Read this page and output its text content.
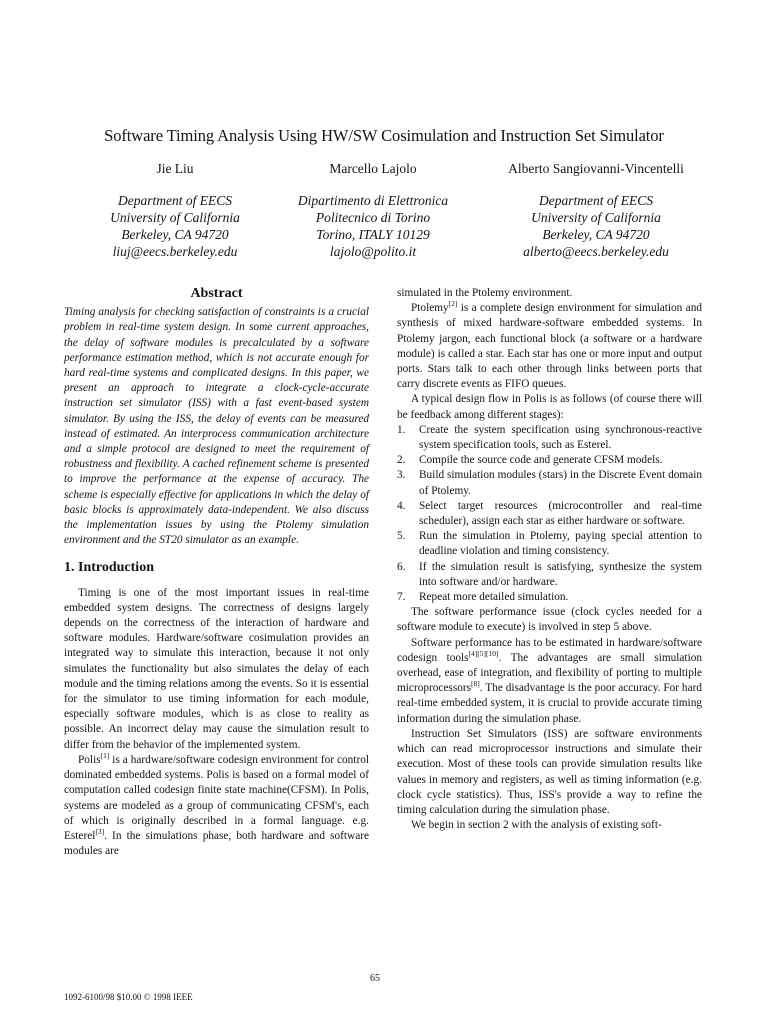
Software Timing Analysis Using HW/SW Cosimulation and Instruction Set Simulator
Jie Liu
Department of EECS
University of California
Berkeley, CA 94720
liuj@eecs.berkeley.edu
Marcello Lajolo
Dipartimento di Elettronica
Politecnico di Torino
Torino, ITALY 10129
lajolo@polito.it
Alberto Sangiovanni-Vincentelli
Department of EECS
University of California
Berkeley, CA 94720
alberto@eecs.berkeley.edu
Abstract

Timing analysis for checking satisfaction of constraints is a crucial problem in real-time system design. In some current approaches, the delay of software modules is precalculated by a software performance estimation method, which is not accurate enough for hard real-time systems and complicated designs. In this paper, we present an approach to integrate a clock-cycle-accurate instruction set simulator (ISS) with a fast event-based system simulator. By using the ISS, the delay of events can be measured instead of estimated. An interprocess communication architecture and a simple protocol are designed to meet the requirement of robustness and flexibility. A cached refinement scheme is presented to improve the performance at the expense of accuracy. The scheme is especially effective for applications in which the delay of basic blocks is approximately data-independent. We also discuss the implementation issues by using the Ptolemy simulation environment and the ST20 simulator as an example.

1. Introduction

Timing is one of the most important issues in real-time embedded system designs. The correctness of designs largely depends on the correctness of the interaction of hardware and software modules. Hardware/software cosimulation provides an integrated way to simulate this interaction, because it not only simulates the functionality but also simulates the delay of each module and the timing relations among the events. So it is essential for the simulator to use timing information for each module, especially software modules, which is as close to reality as possible. An incorrect delay may cause the simulation result to differ from the behavior of the implemented system.

Polis[1] is a hardware/software codesign environment for control dominated embedded systems. Polis is based on a formal model of computation called codesign finite state machine(CFSM). In Polis, systems are modeled as a group of communicating CFSM's, each of which is originally described in a formal language. e.g. Esterel[3]. In the simulations phase, both hardware and software modules are

simulated in the Ptolemy environment.

Ptolemy[2] is a complete design environment for simulation and synthesis of mixed hardware-software embedded systems. In Ptolemy jargon, each functional block (a software or a hardware module) is called a star. Each star has one or more input and output ports. Stars talk to each other through links between ports that carry discrete events as FIFO queues.

A typical design flow in Polis is as follows (of course there will be feedback among different stages):

1. Create the system specification using synchronous-reactive system specification tools, such as Esterel.
2. Compile the source code and generate CFSM models.
3. Build simulation modules (stars) in the Discrete Event domain of Ptolemy.
4. Select target resources (microcontroller and real-time scheduler), assign each star as either hardware or software.
5. Run the simulation in Ptolemy, paying special attention to deadline violation and timing consistency.
6. If the simulation result is satisfying, synthesize the system into software and/or hardware.
7. Repeat more detailed simulation.

The software performance issue (clock cycles needed for a software module to execute) is involved in step 5 above.

Software performance has to be estimated in hardware/software codesign tools[4][5][10]. The advantages are small simulation overhead, ease of integration, and flexibility of porting to multiple microprocessors[8]. The disadvantage is the poor accuracy. For hard real-time embedded system, it is crucial to provide accurate timing information during the simulation phase.

Instruction Set Simulators (ISS) are software environments which can read microprocessor instructions and simulate their execution. Most of these tools can provide simulation results like values in memory and registers, as well as timing information (e.g. clock cycle statistics). Thus, ISS's provide a way to refine the timing calculation during the simulation phase.

We begin in section 2 with the analysis of existing soft-

65
1092-6100/98 $10.00 © 1998 IEEE
